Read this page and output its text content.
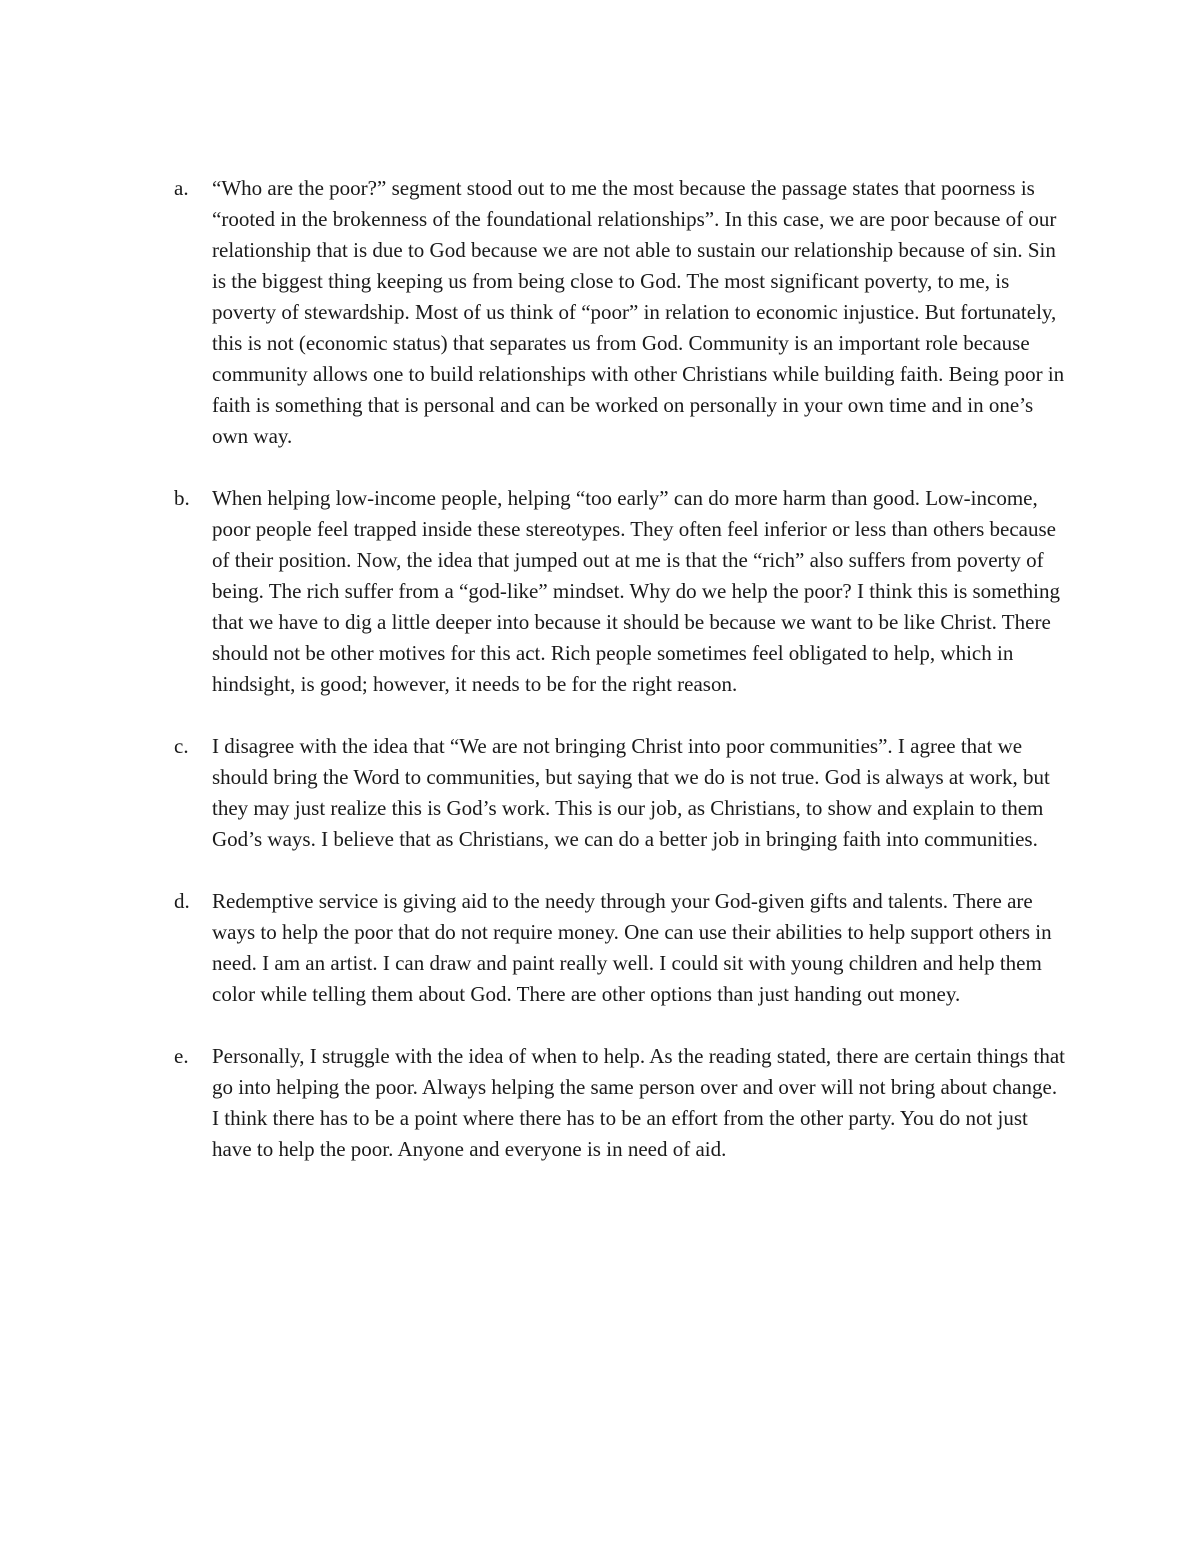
a.	“Who are the poor?” segment stood out to me the most because the passage states that poorness is “rooted in the brokenness of the foundational relationships”. In this case, we are poor because of our relationship that is due to God because we are not able to sustain our relationship because of sin. Sin is the biggest thing keeping us from being close to God. The most significant poverty, to me, is poverty of stewardship. Most of us think of “poor” in relation to economic injustice. But fortunately, this is not (economic status) that separates us from God. Community is an important role because community allows one to build relationships with other Christians while building faith. Being poor in faith is something that is personal and can be worked on personally in your own time and in one’s own way.

b.	When helping low-income people, helping “too early” can do more harm than good. Low-income, poor people feel trapped inside these stereotypes. They often feel inferior or less than others because of their position. Now, the idea that jumped out at me is that the “rich” also suffers from poverty of being. The rich suffer from a “god-like” mindset. Why do we help the poor? I think this is something that we have to dig a little deeper into because it should be because we want to be like Christ. There should not be other motives for this act. Rich people sometimes feel obligated to help, which in hindsight, is good; however, it needs to be for the right reason.

c.	I disagree with the idea that “We are not bringing Christ into poor communities”. I agree that we should bring the Word to communities, but saying that we do is not true. God is always at work, but they may just realize this is God’s work. This is our job, as Christians, to show and explain to them God’s ways. I believe that as Christians, we can do a better job in bringing faith into communities.

d.	Redemptive service is giving aid to the needy through your God-given gifts and talents. There are ways to help the poor that do not require money. One can use their abilities to help support others in need. I am an artist. I can draw and paint really well. I could sit with young children and help them color while telling them about God. There are other options than just handing out money.

e.	Personally, I struggle with the idea of when to help. As the reading stated, there are certain things that go into helping the poor. Always helping the same person over and over will not bring about change. I think there has to be a point where there has to be an effort from the other party. You do not just have to help the poor. Anyone and everyone is in need of aid.
